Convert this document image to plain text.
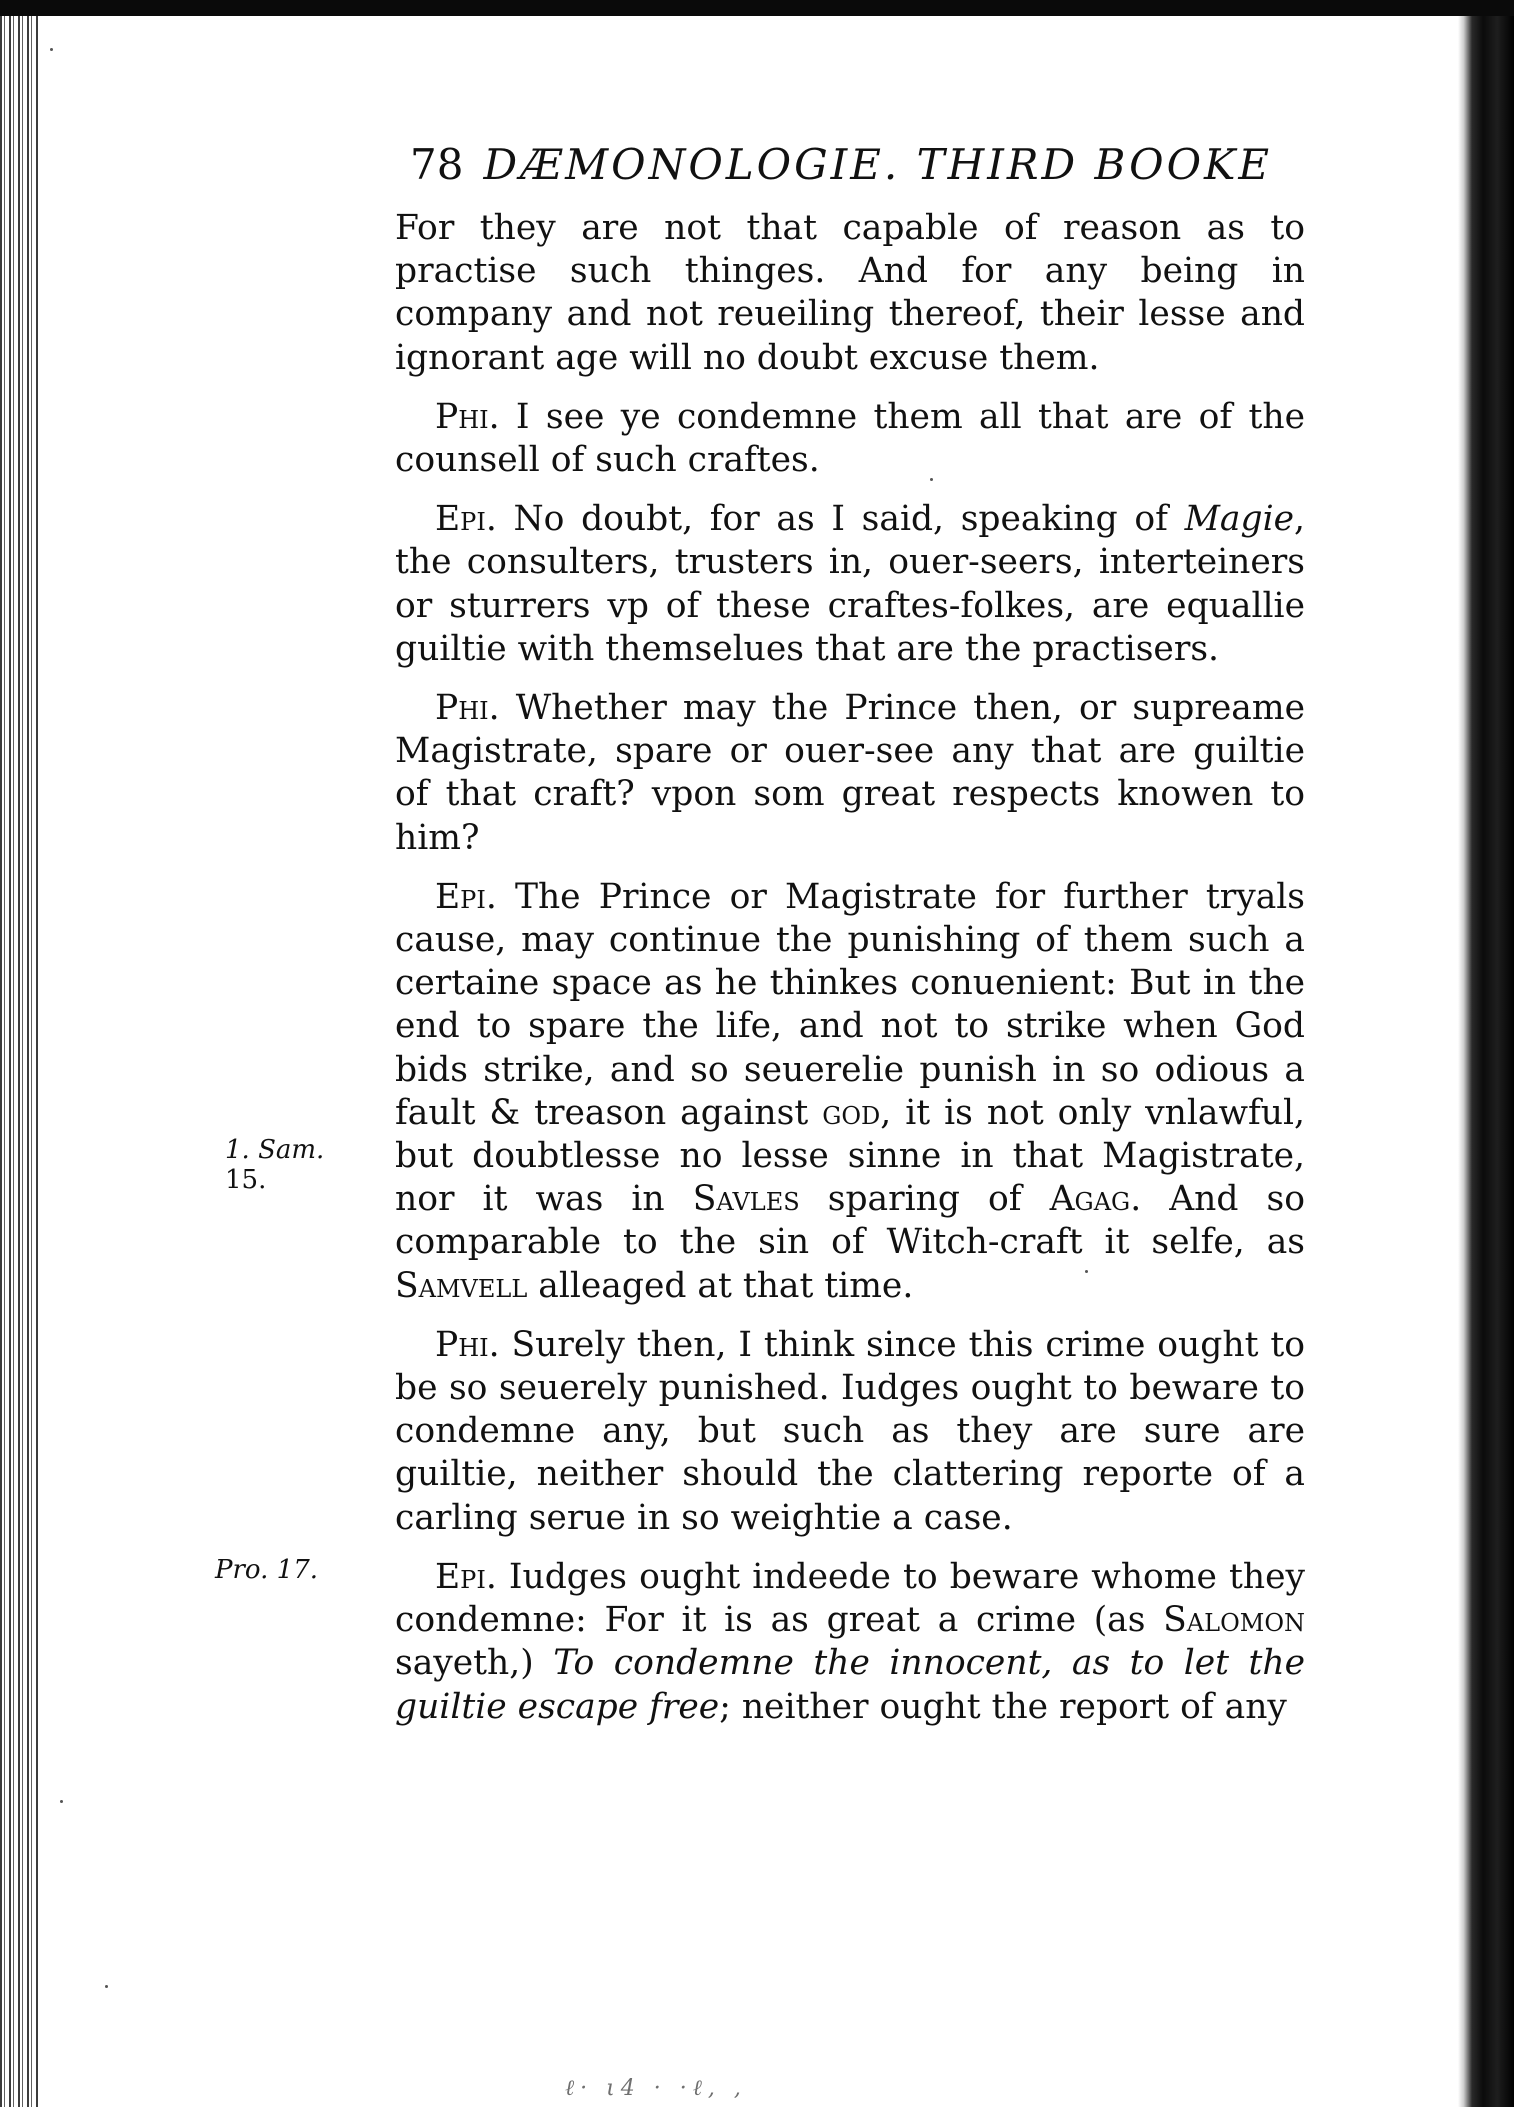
78 DÆMONOLOGIE. THIRD BOOKE

For they are not that capable of reason as to practise such thinges. And for any being in company and not reueiling thereof, their lesse and ignorant age will no doubt excuse them.

Phi. I see ye condemne them all that are of the counsell of such craftes.

Epi. No doubt, for as I said, speaking of Magie, the consulters, trusters in, ouer-seers, interteiners or sturrers vp of these craftes-folkes, are equallie guiltie with themselues that are the practisers.

Phi. Whether may the Prince then, or supreame Magistrate, spare or ouer-see any that are guiltie of that craft? vpon som great respects knowen to him?

Epi. The Prince or Magistrate for further tryals cause, may continue the punishing of them such a certaine space as he thinkes conuenient: But in the end to spare the life, and not to strike when God bids strike, and so seuerelie punish in so odious a fault & treason against god, it is not only vnlawful, but doubtlesse no lesse sinne in that Magistrate, nor it was in Savles sparing of Agag. And so comparable to the sin of Witch-craft it selfe, as Samvell alleaged at that time.

Phi. Surely then, I think since this crime ought to be so seuerely punished. Iudges ought to beware to condemne any, but such as they are sure are guiltie, neither should the clattering reporte of a carling serue in so weightie a case.

Epi. Iudges ought indeede to beware whome they condemne: For it is as great a crime (as Salomon sayeth,) To condemne the innocent, as to let the guiltie escape free; neither ought the report of any

1. Sam.
15.
Pro. 17.
ℓ· ι4 · ·ℓ, ,
